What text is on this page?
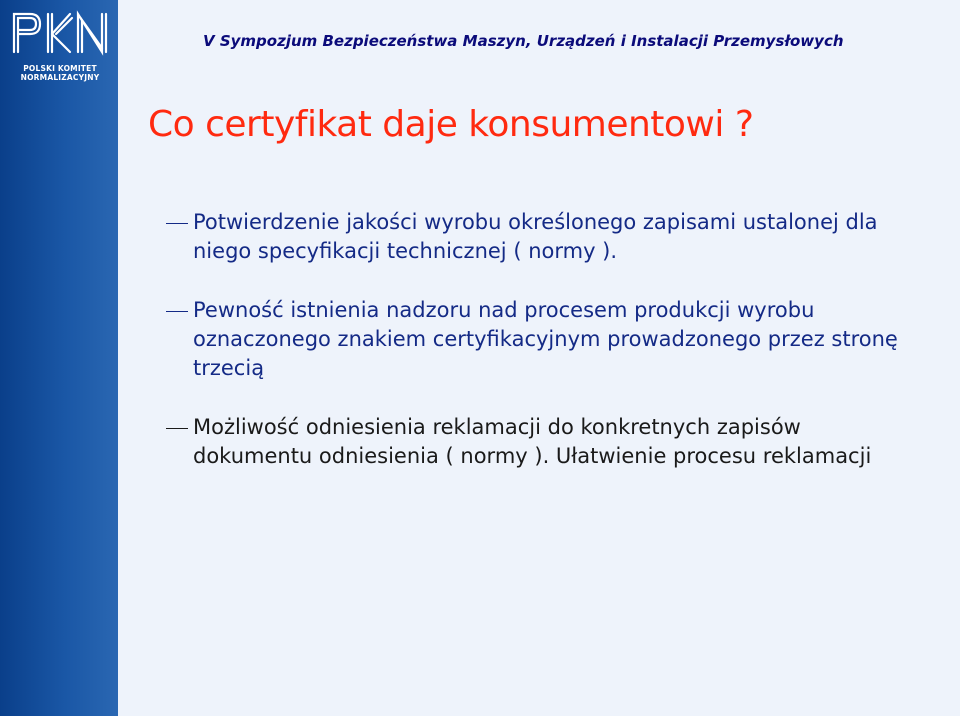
POLSKI KOMITET
NORMALIZACYJNY
V Sympozjum Bezpieczeństwa Maszyn, Urządzeń i Instalacji Przemysłowych
Co certyfikat daje konsumentowi ?
Potwierdzenie jakości wyrobu określonego zapisami ustalonej dla niego specyfikacji technicznej ( normy ).
Pewność istnienia nadzoru nad procesem produkcji wyrobu oznaczonego znakiem certyfikacyjnym prowadzonego przez stronę trzecią
Możliwość odniesienia reklamacji do konkretnych zapisów dokumentu odniesienia ( normy ). Ułatwienie procesu reklamacji
